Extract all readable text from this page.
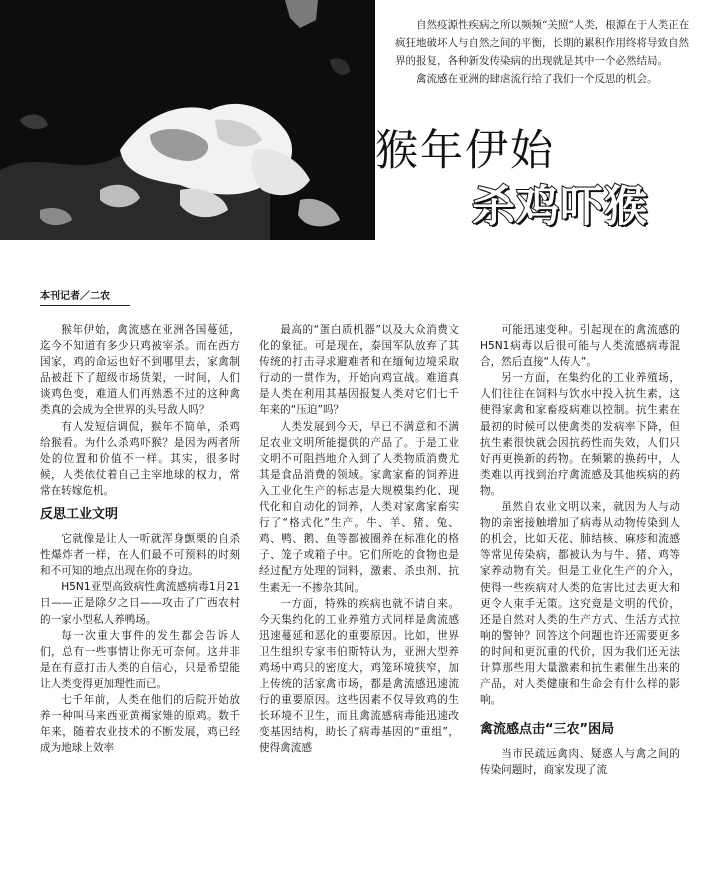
自然疫源性疾病之所以频频“关照”人类，根源在于人类正在疯狂地破坏人与自然之间的平衡，长期的累积作用终将导致自然界的报复，各种新发传染病的出现就是其中一个必然结局。

禽流感在亚洲的肆虐流行给了我们一个反思的机会。

猴年伊始
杀鸡吓猴
本刊记者／二农

猴年伊始，禽流感在亚洲各国蔓延，迄今不知道有多少只鸡被宰杀。而在西方国家，鸡的命运也好不到哪里去，家禽制品被赶下了超级市场货架，一时间，人们谈鸡色变，难道人们再熟悉不过的这种禽类真的会成为全世界的头号敌人吗？

有人发短信调侃，猴年不简单，杀鸡给猴看。为什么杀鸡吓猴？是因为两者所处的位置和价值不一样。其实，很多时候，人类依仗着自己主宰地球的权力，常常在转嫁危机。

反思工业文明

它就像是让人一听就浑身颤栗的自杀性爆炸者一样，在人们最不可预料的时刻和不可知的地点出现在你的身边。

H5N1亚型高致病性禽流感病毒1月21日——正是除夕之日——攻击了广西农村的一家小型私人养鸭场。

每一次重大事件的发生都会告诉人们，总有一些事情让你无可奈何。这并非是在有意打击人类的自信心，只是希望能让人类变得更加理性而已。

七千年前，人类在他们的后院开始放养一种叫马来西亚黄褐家雉的原鸡。数千年来，随着农业技术的不断发展，鸡已经成为地球上效率

最高的“蛋白质机器”以及大众消费文化的象征。可是现在，泰国军队放弃了其传统的打击寻求避难者和在缅甸边境采取行动的一贯作为，开始向鸡宣战。难道真是人类在利用其基因报复人类对它们七千年来的“压迫”吗？

人类发展到今天，早已不满意和不满足农业文明所能提供的产品了。于是工业文明不可阻挡地介入到了人类物质消费尤其是食品消费的领域。家禽家畜的饲养进入工业化生产的标志是大规模集约化、现代化和自动化的饲养，人类对家禽家畜实行了“格式化”生产。牛、羊、猪、兔、鸡、鸭、鹅、鱼等都被圈养在标准化的格子、笼子或箱子中。它们所吃的食物也是经过配方处理的饲料，激素、杀虫剂、抗生素无一不掺杂其间。

一方面，特殊的疾病也就不请自来。今天集约化的工业养殖方式同样是禽流感迅速蔓延和恶化的重要原因。比如，世界卫生组织专家韦伯斯特认为，亚洲大型养鸡场中鸡只的密度大，鸡笼环境狭窄，加上传统的活家禽市场，都是禽流感迅速流行的重要原因。这些因素不仅导致鸡的生长环境不卫生，而且禽流感病毒能迅速改变基因结构，助长了病毒基因的“重组”，使得禽流感

可能迅速变种。引起现在的禽流感的H5N1病毒以后很可能与人类流感病毒混合，然后直接“人传人”。

另一方面，在集约化的工业养殖场，人们往往在饲料与饮水中投入抗生素，这使得家禽和家畜疫病难以控制。抗生素在最初的时候可以使禽类的发病率下降，但抗生素很快就会因抗药性而失效，人们只好再更换新的药物。在频繁的换药中，人类难以再找到治疗禽流感及其他疾病的药物。

虽然自农业文明以来，就因为人与动物的亲密接触增加了病毒从动物传染到人的机会，比如天花、肺结核、麻疹和流感等常见传染病，都被认为与牛、猪、鸡等家养动物有关。但是工业化生产的介入，使得一些疾病对人类的危害比过去更大和更令人束手无策。这究竟是文明的代价，还是自然对人类的生产方式、生活方式拉响的警钟？回答这个问题也许还需要更多的时间和更沉重的代价，因为我们还无法计算那些用大量激素和抗生素催生出来的产品，对人类健康和生命会有什么样的影响。

禽流感点击“三农”困局

当市民疏远禽肉、疑惑人与禽之间的传染问题时，商家发现了流
